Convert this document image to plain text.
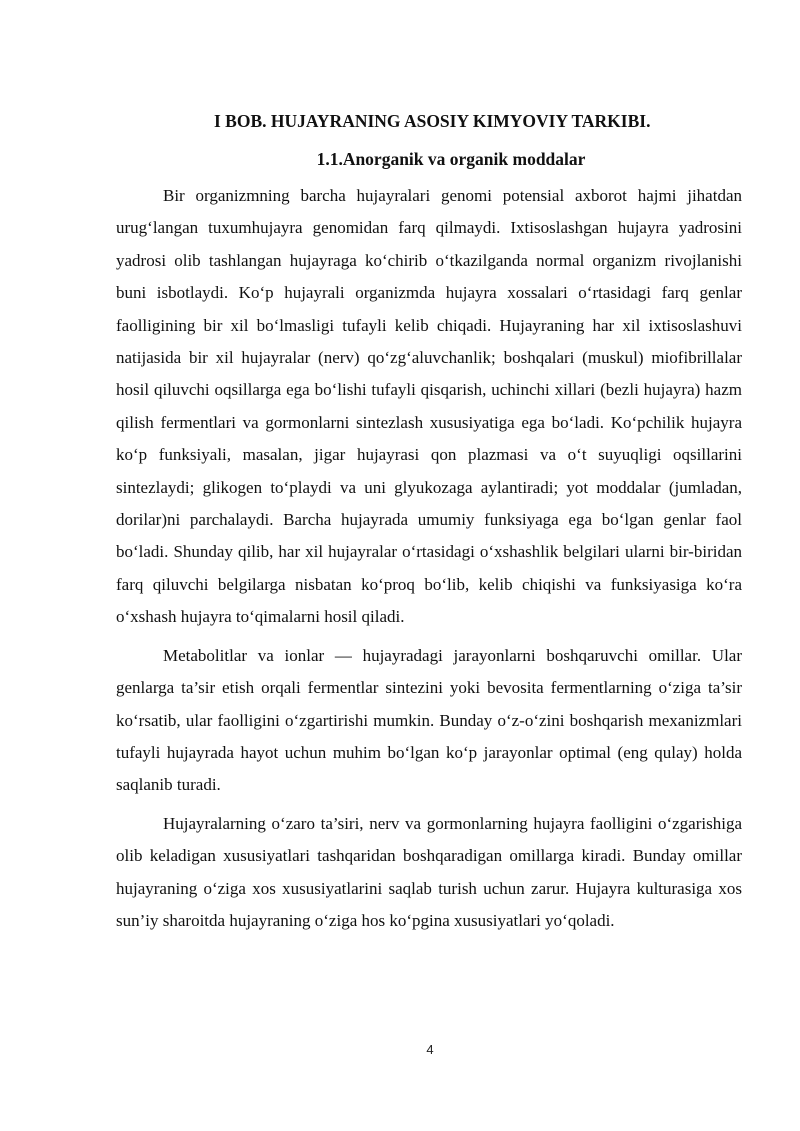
I BOB. HUJAYRANING ASOSIY KIMYOVIY TARKIBI.
1.1.Anorganik va organik moddalar

Bir organizmning barcha hujayralari genomi potensial axborot hajmi jihatdan urug‘langan tuxumhujayra genomidan farq qilmaydi. Ixtisoslashgan hujayra yadrosini yadrosi olib tashlangan hujayraga ko‘chirib o‘tkazilganda normal organizm rivojlanishi buni isbotlaydi. Ko‘p hujayrali organizmda hujayra xossalari o‘rtasidagi farq genlar faolligining bir xil bo‘lmasligi tufayli kelib chiqadi. Hujayraning har xil ixtisoslashuvi natijasida bir xil hujayralar (nerv) qo‘zg‘aluvchanlik; boshqalari (muskul) miofibrillalar hosil qiluvchi oqsillarga ega bo‘lishi tufayli qisqarish, uchinchi xillari (bezli hujayra) hazm qilish fermentlari va gormonlarni sintezlash xususiyatiga ega bo‘ladi. Ko‘pchilik hujayra ko‘p funksiyali, masalan, jigar hujayrasi qon plazmasi va o‘t suyuqligi oqsillarini sintezlaydi; glikogen to‘playdi va uni glyukozaga aylantiradi; yot moddalar (jumladan, dorilar)ni parchalaydi. Barcha hujayrada umumiy funksiyaga ega bo‘lgan genlar faol bo‘ladi. Shunday qilib, har xil hujayralar o‘rtasidagi o‘xshashlik belgilari ularni bir-biridan farq qiluvchi belgilarga nisbatan ko‘proq bo‘lib, kelib chiqishi va funksiyasiga ko‘ra o‘xshash hujayra to‘qimalarni hosil qiladi.

Metabolitlar va ionlar — hujayradagi jarayonlarni boshqaruvchi omillar. Ular genlarga ta’sir etish orqali fermentlar sintezini yoki bevosita fermentlarning o‘ziga ta’sir ko‘rsatib, ular faolligini o‘zgartirishi mumkin. Bunday o‘z-o‘zini boshqarish mexanizmlari tufayli hujayrada hayot uchun muhim bo‘lgan ko‘p jarayonlar optimal (eng qulay) holda saqlanib turadi.

Hujayralarning o‘zaro ta’siri, nerv va gormonlarning hujayra faolligini o‘zgarishiga olib keladigan xususiyatlari tashqaridan boshqaradigan omillarga kiradi. Bunday omillar hujayraning o‘ziga xos xususiyatlarini saqlab turish uchun zarur. Hujayra kulturasiga xos sun’iy sharoitda hujayraning o‘ziga hos ko‘pgina xususiyatlari yo‘qoladi.

4
